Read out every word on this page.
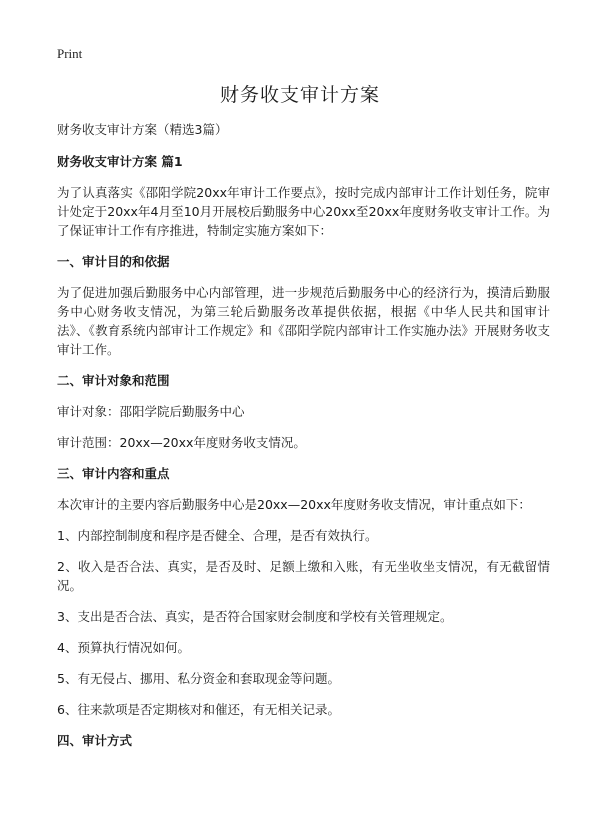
Print
财务收支审计方案

财务收支审计方案（精选3篇）

财务收支审计方案 篇1

为了认真落实《邵阳学院20xx年审计工作要点》，按时完成内部审计工作计划任务，院审计处定于20xx年4月至10月开展校后勤服务中心20xx至20xx年度财务收支审计工作。为了保证审计工作有序推进，特制定实施方案如下：

一、审计目的和依据

为了促进加强后勤服务中心内部管理，进一步规范后勤服务中心的经济行为，摸清后勤服务中心财务收支情况，为第三轮后勤服务改革提供依据，根据《中华人民共和国审计法》、《教育系统内部审计工作规定》和《邵阳学院内部审计工作实施办法》开展财务收支审计工作。

二、审计对象和范围

审计对象：邵阳学院后勤服务中心

审计范围：20xx—20xx年度财务收支情况。

三、审计内容和重点

本次审计的主要内容后勤服务中心是20xx—20xx年度财务收支情况，审计重点如下：

1、内部控制制度和程序是否健全、合理，是否有效执行。

2、收入是否合法、真实，是否及时、足额上缴和入账，有无坐收坐支情况，有无截留情况。

3、支出是否合法、真实，是否符合国家财会制度和学校有关管理规定。

4、预算执行情况如何。

5、有无侵占、挪用、私分资金和套取现金等问题。

6、往来款项是否定期核对和催还，有无相关记录。

四、审计方式
